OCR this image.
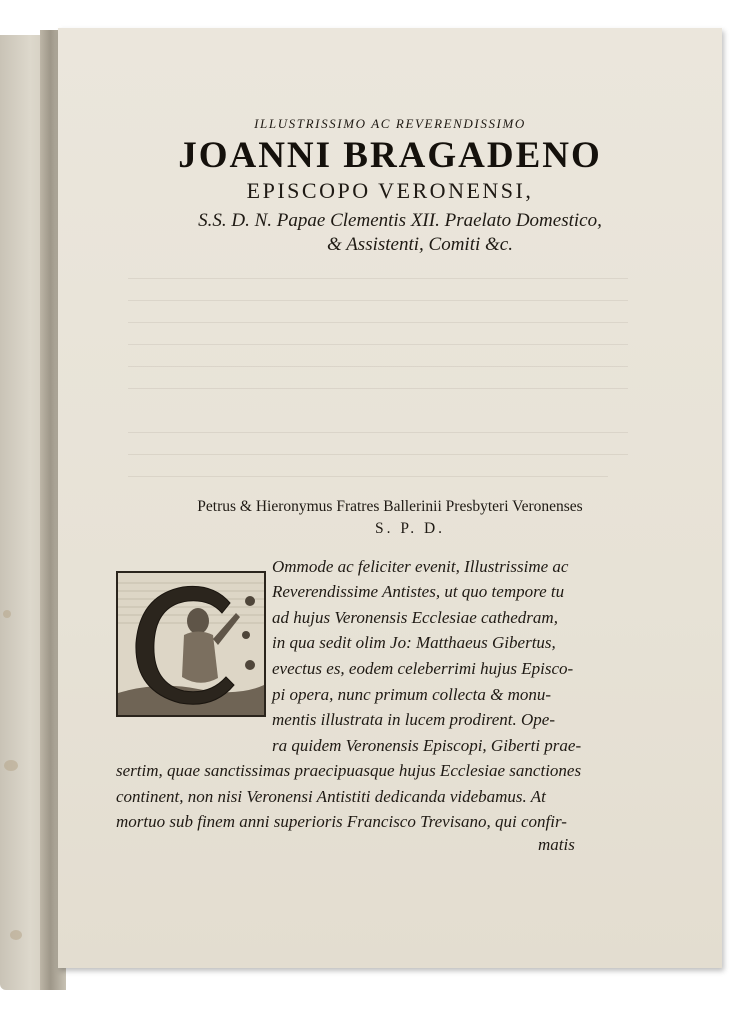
ILLUSTRISSIMO AC REVERENDISSIMO
JOANNI BRAGADENO
EPISCOPO VERONENSI,
S.S. D. N. Papae Clementis XII. Praelato Domestico,
& Assistenti, Comiti &c.
Petrus & Hieronymus Fratres Ballerinii Presbyteri Veronenses
S. P. D.
Ommode ac feliciter evenit, Illustrissime ac
Reverendissime Antistes, ut quo tempore tu
ad hujus Veronensis Ecclesiae cathedram,
in qua sedit olim Jo: Matthaeus Gibertus,
evectus es, eodem celeberrimi hujus Episco-
pi opera, nunc primum collecta & monu-
mentis illustrata in lucem prodirent. Ope-
ra quidem Veronensis Episcopi, Giberti prae-
sertim, quae sanctissimas praecipuasque hujus Ecclesiae sanctiones
continent, non nisi Veronensi Antistiti dedicanda videbamus. At
mortuo sub finem anni superioris Francisco Trevisano, qui confir-
matis
